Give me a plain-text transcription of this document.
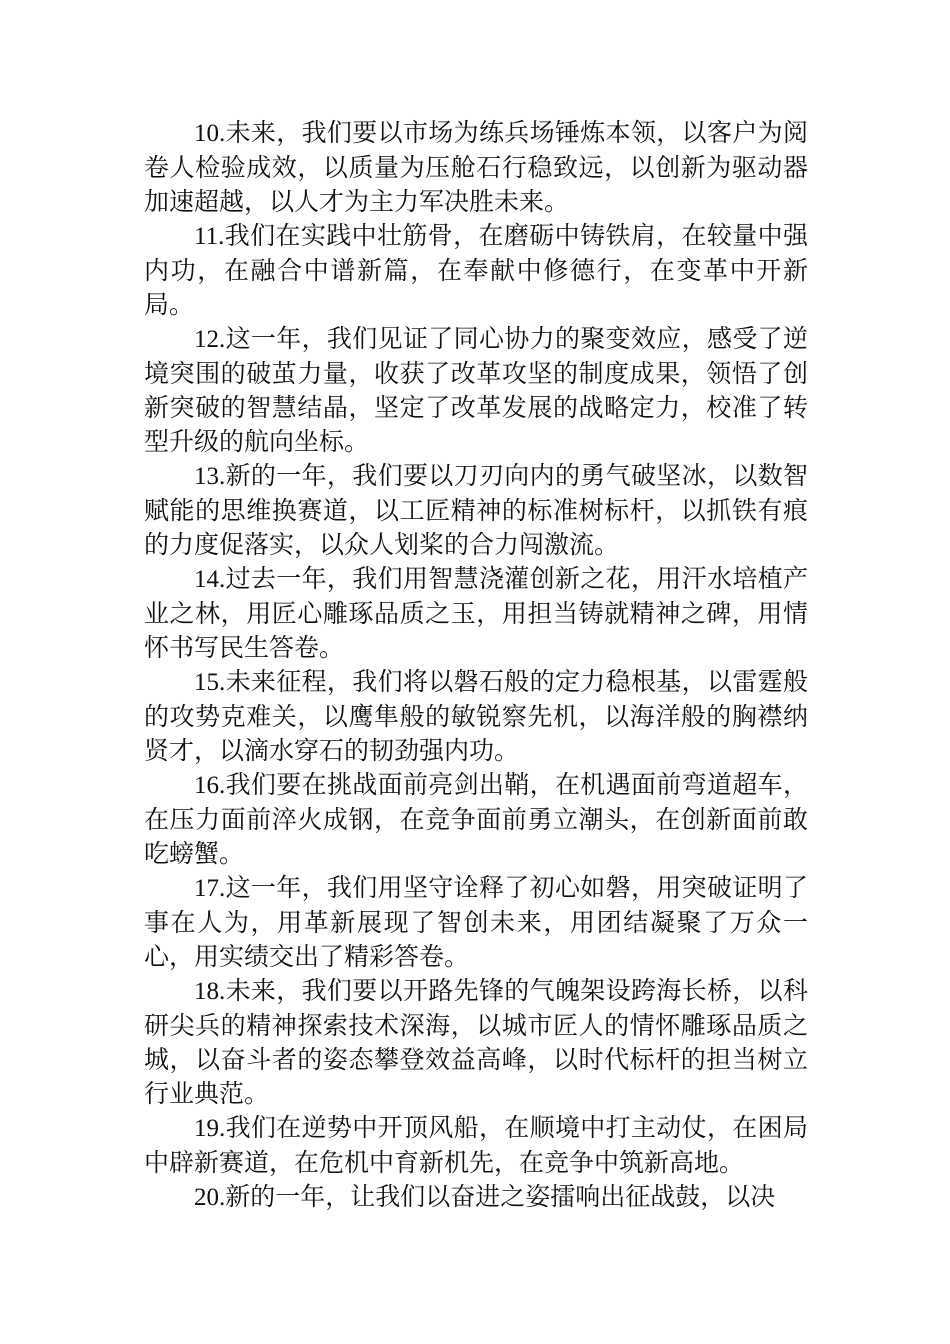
10.未来，我们要以市场为练兵场锤炼本领，以客户为阅卷人检验成效，以质量为压舱石行稳致远，以创新为驱动器加速超越，以人才为主力军决胜未来。

11.我们在实践中壮筋骨，在磨砺中铸铁肩，在较量中强内功，在融合中谱新篇，在奉献中修德行，在变革中开新局。

12.这一年，我们见证了同心协力的聚变效应，感受了逆境突围的破茧力量，收获了改革攻坚的制度成果，领悟了创新突破的智慧结晶，坚定了改革发展的战略定力，校准了转型升级的航向坐标。

13.新的一年，我们要以刀刃向内的勇气破坚冰，以数智赋能的思维换赛道，以工匠精神的标准树标杆，以抓铁有痕的力度促落实，以众人划桨的合力闯激流。

14.过去一年，我们用智慧浇灌创新之花，用汗水培植产业之林，用匠心雕琢品质之玉，用担当铸就精神之碑，用情怀书写民生答卷。

15.未来征程，我们将以磐石般的定力稳根基，以雷霆般的攻势克难关，以鹰隼般的敏锐察先机，以海洋般的胸襟纳贤才，以滴水穿石的韧劲强内功。

16.我们要在挑战面前亮剑出鞘，在机遇面前弯道超车，在压力面前淬火成钢，在竞争面前勇立潮头，在创新面前敢吃螃蟹。

17.这一年，我们用坚守诠释了初心如磐，用突破证明了事在人为，用革新展现了智创未来，用团结凝聚了万众一心，用实绩交出了精彩答卷。

18.未来，我们要以开路先锋的气魄架设跨海长桥，以科研尖兵的精神探索技术深海，以城市匠人的情怀雕琢品质之城，以奋斗者的姿态攀登效益高峰，以时代标杆的担当树立行业典范。

19.我们在逆势中开顶风船，在顺境中打主动仗，在困局中辟新赛道，在危机中育新机先，在竞争中筑新高地。

20.新的一年，让我们以奋进之姿擂响出征战鼓，以决
